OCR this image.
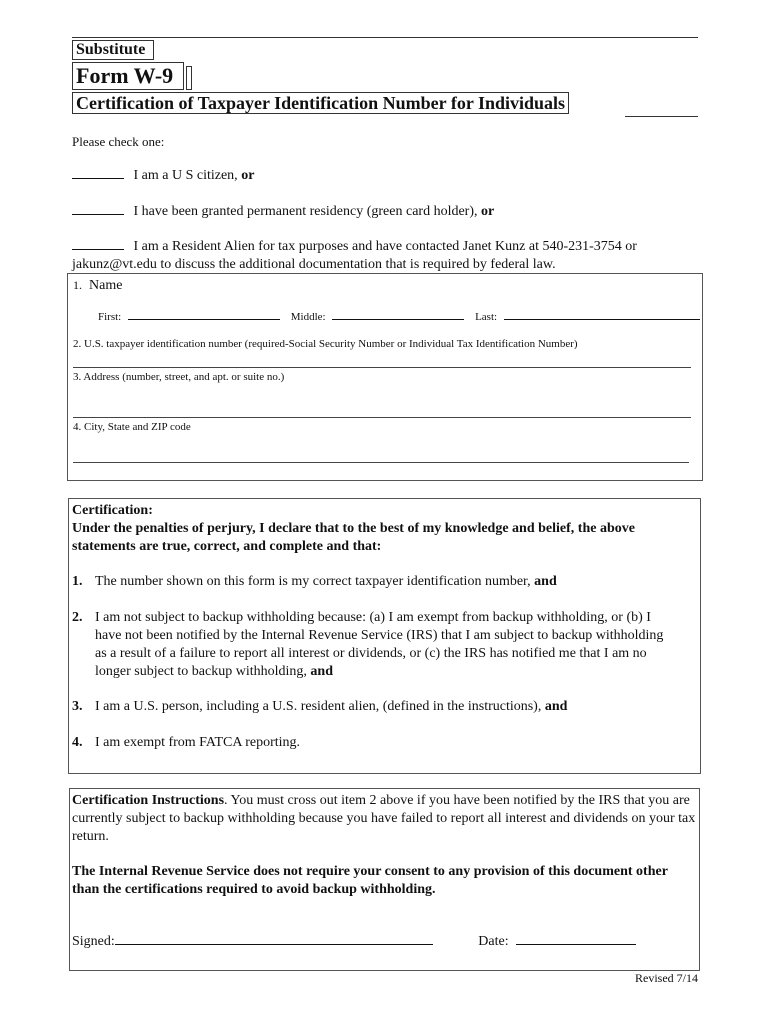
Substitute
Form W-9
Certification of Taxpayer Identification Number for Individuals
Please check one:
I am a U S citizen, or
I have been granted permanent residency (green card holder), or
I am a Resident Alien for tax purposes and have contacted Janet Kunz at 540-231-3754 or
jakunz@vt.edu to discuss the additional documentation that is required by federal law.
1. Name
First:	Middle:	Last:
2. U.S. taxpayer identification number (required-Social Security Number or Individual Tax Identification Number)
3. Address (number, street, and apt. or suite no.)
4. City, State and ZIP code
Certification:
Under the penalties of perjury, I declare that to the best of my knowledge and belief, the above
statements are true, correct, and complete and that:
1. The number shown on this form is my correct taxpayer identification number, and
2. I am not subject to backup withholding because: (a) I am exempt from backup withholding, or (b) I have not been notified by the Internal Revenue Service (IRS) that I am subject to backup withholding as a result of a failure to report all interest or dividends, or (c) the IRS has notified me that I am no longer subject to backup withholding, and
3. I am a U.S. person, including a U.S. resident alien, (defined in the instructions), and
4. I am exempt from FATCA reporting.
Certification Instructions. You must cross out item 2 above if you have been notified by the IRS that you are currently subject to backup withholding because you have failed to report all interest and dividends on your tax return.
The Internal Revenue Service does not require your consent to any provision of this document other than the certifications required to avoid backup withholding.
Signed:	Date:
Revised 7/14
